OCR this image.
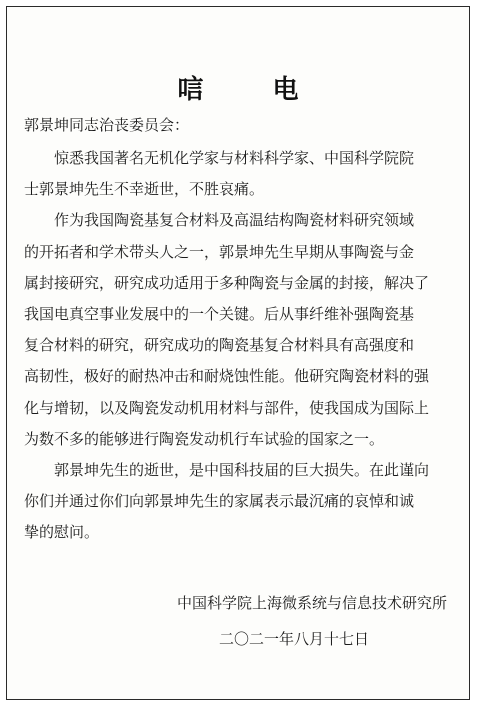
唁 电
郭景坤同志治丧委员会：

惊悉我国著名无机化学家与材料科学家、中国科学院院
士郭景坤先生不幸逝世，不胜哀痛。

作为我国陶瓷基复合材料及高温结构陶瓷材料研究领域
的开拓者和学术带头人之一，郭景坤先生早期从事陶瓷与金
属封接研究，研究成功适用于多种陶瓷与金属的封接，解决了
我国电真空事业发展中的一个关键。后从事纤维补强陶瓷基
复合材料的研究，研究成功的陶瓷基复合材料具有高强度和
高韧性，极好的耐热冲击和耐烧蚀性能。他研究陶瓷材料的强
化与增韧，以及陶瓷发动机用材料与部件，使我国成为国际上
为数不多的能够进行陶瓷发动机行车试验的国家之一。

郭景坤先生的逝世，是中国科技届的巨大损失。在此谨向
你们并通过你们向郭景坤先生的家属表示最沉痛的哀悼和诚
挚的慰问。

中国科学院上海微系统与信息技术研究所
二〇二一年八月十七日
